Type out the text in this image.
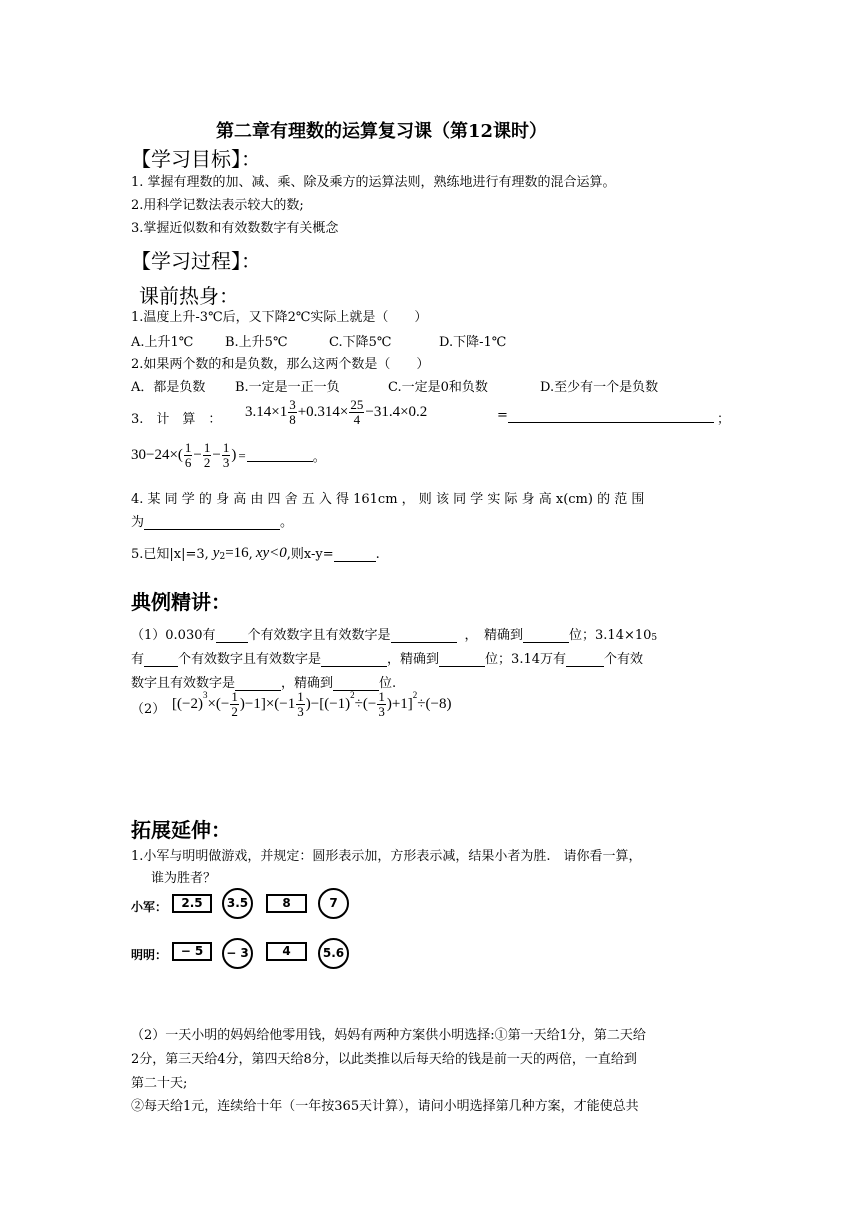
第二章有理数的运算复习课（第12课时）
【学习目标】：
1. 掌握有理数的加、减、乘、除及乘方的运算法则，熟练地进行有理数的混合运算。
2.用科学记数法表示较大的数;
3.掌握近似数和有效数数字有关概念
【学习过程】：
课前热身：
1.温度上升-3℃后，又下降2℃实际上就是（　　）
A.上升1℃ B.上升5℃	C.下降5℃	D.下降-1℃
2.如果两个数的和是负数，那么这两个数是（　　）
A．都是负数 B.一定是一正一负	C.一定是0和负数	D.至少有一个是负数
3.　计　算　： $3.14\times 1 \frac{3}{8} +0.314\times \frac{25}{4} -31.4\times 0.2$	=	；
$30-24\times( \frac{1}{6} - \frac{1}{2} - \frac{1}{3}$ ) =	。
4. 某 同 学 的 身 高 由 四 舍 五 入 得 161cm ， 则 该 同 学 实 际 身 高 x(cm) 的 范 围
为	。
5.已知|x|=3, $y_2 =16$ , xy<0 ,则x-y=	.
典例精讲：
（1）0.030有 个有效数字且有效数字是	，　精确到	位；$3.14\times 10_5$
有	个有效数字且有效数字是	，精确到	位；3.14万有	个有效
数字且有效数字是	，精确到	位.
（2） [(−2)
$^3$
×(− $\frac{1}{2} )-1]\times(-1 \frac{1}{3} )-[(-1)$
$^2$
÷(− $\frac{1}{3} )+1$]
$^2$
÷(−8)
拓展延伸：
1.小军与明明做游戏，并规定：圆形表示加，方形表示减，结果小者为胜.　请你看一算，
谁为胜者？
小军：	2.5	3.5	8	7
明明：	− 5	− 3	4	5.6
（2）一天小明的妈妈给他零用钱，妈妈有两种方案供小明选择:①第一天给1分，第二天给
2分，第三天给4分，第四天给8分，以此类推以后每天给的钱是前一天的两倍，一直给到
第二十天;
②每天给1元，连续给十年（一年按365天计算），请问小明选择第几种方案，才能使总共
